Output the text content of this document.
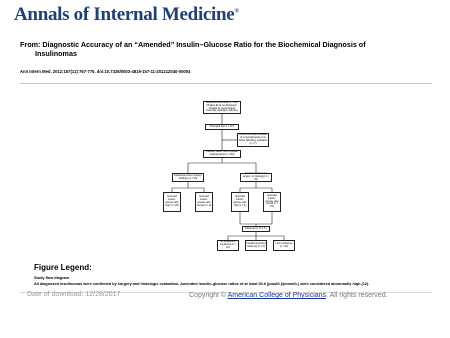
Annals of Internal Medicine®
From: Diagnostic Accuracy of an “Amended” Insulin–Glucose Ratio for the Biochemical Diagnosis of
Insulinomas
Ann Intern Med. 2012;157(11):767-775. doi:10.7326/0003-4819-157-11-201212040-00004
Suspected insulinoma (n = 127) Klinikum Ernst von Bergmann; Hospital St. Georg August University, Göttingen, Germany
Prolonged fast (n = 117)
Patients excluded because of no hypoglycemia or no further laboratory evaluation (n = 7)
Glucose, insulin, and C-peptide measurements (n = 110)
Insulinoma proven (surgery, histology) (n = 26)
Insulinoma absent (no surgery, no histology) (n = 84)
Amended insulin–glucose ratio high (n = 26)
Amended insulin–glucose ratio normal (n = 0)
Amended insulin–glucose ratio high (n = 3)
Amended insulin–glucose ratio normal (n = 81)
Follow-up for 74 ± 5 y
No evidence of insulinoma (n = 61)
Insulinoma (during follow-up) (n = 0)
Lost to follow-up (n = 20)
Figure Legend:
Study flow diagram.
All diagnosed insulinomas were confirmed by surgery and histologic evaluation. Amended insulin–glucose ratios of at least 53.6 (pmol/L)/(mmol/L) were considered abnormally high (12).
Date of download: 12/28/2017	Copyright © American College of Physicians. All rights reserved.
